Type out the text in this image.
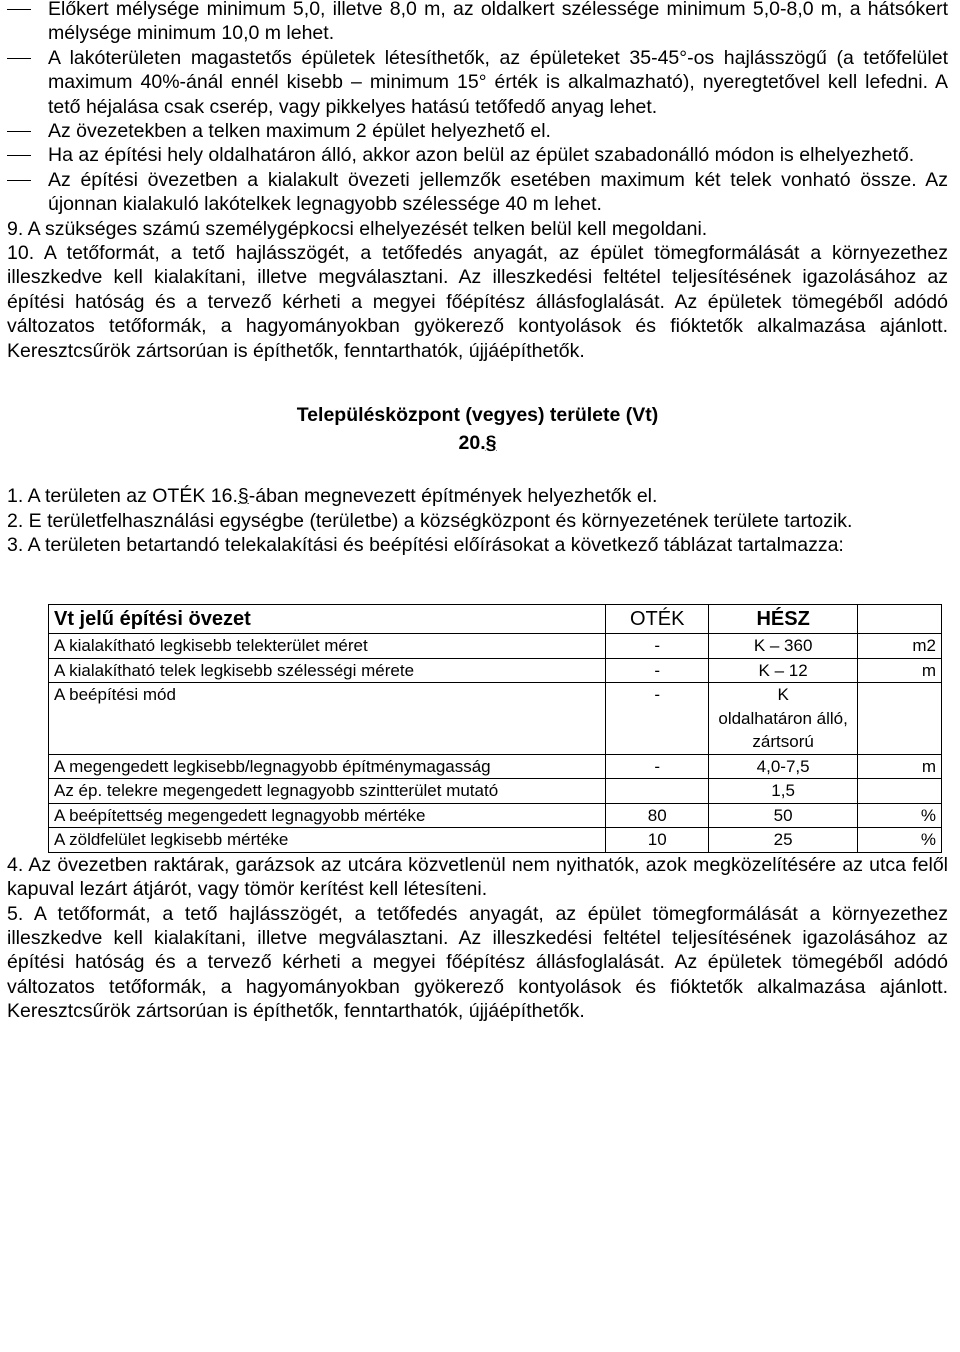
Előkert mélysége minimum 5,0, illetve 8,0 m, az oldalkert szélessége minimum 5,0-8,0 m, a hátsókert mélysége minimum 10,0 m lehet.
A lakóterületen magastetős épületek létesíthetők, az épületeket 35-45°-os hajlásszögű (a tetőfelület maximum 40%-ánál ennél kisebb – minimum 15° érték is alkalmazható), nyeregtetővel kell lefedni. A tető héjalása csak cserép, vagy pikkelyes hatású tetőfedő anyag lehet.
Az övezetekben a telken maximum 2 épület helyezhető el.
Ha az építési hely oldalhatáron álló, akkor azon belül az épület szabadonálló módon is elhelyezhető.
Az építési övezetben a kialakult övezeti jellemzők esetében maximum két telek vonható össze. Az újonnan kialakuló lakótelkek legnagyobb szélessége 40 m lehet.

9. A szükséges számú személygépkocsi elhelyezését telken belül kell megoldani.

10. A tetőformát, a tető hajlásszögét, a tetőfedés anyagát, az épület tömegformálását a környezethez illeszkedve kell kialakítani, illetve megválasztani. Az illeszkedési feltétel teljesítésének igazolásához az építési hatóság és a tervező kérheti a megyei főépítész állásfoglalását. Az épületek tömegéből adódó változatos tetőformák, a hagyományokban gyökerező kontyolások és fióktetők alkalmazása ajánlott. Keresztcsűrök zártsorúan is építhetők, fenntarthatók, újjáépíthetők.

Településközpont (vegyes) területe (Vt)
20.§

1. A területen az OTÉK 16.§-ában megnevezett építmények helyezhetők el.

2. E területfelhasználási egységbe (területbe) a községközpont és környezetének területe tartozik.

3. A területen betartandó telekalakítási és beépítési előírásokat a következő táblázat tartalmazza:

Vt jelű építési övezet	OTÉK	HÉSZ	
A kialakítható legkisebb telekterület méret	-	K – 360	m2
A kialakítható telek legkisebb szélességi mérete	-	K – 12	m
A beépítési mód	-	K
oldalhatáron álló,
zártsorú	

A megengedett legkisebb/legnagyobb építménymagasság	-	4,0-7,5	m
Az ép. telekre megengedett legnagyobb szintterület mutató		1,5	
A beépítettség megengedett legnagyobb mértéke	80	50	%
A zöldfelület legkisebb mértéke	10	25	%

4. Az övezetben raktárak, garázsok az utcára közvetlenül nem nyithatók, azok megközelítésére az utca felől kapuval lezárt átjárót, vagy tömör kerítést kell létesíteni.

5. A tetőformát, a tető hajlásszögét, a tetőfedés anyagát, az épület tömegformálását a környezethez illeszkedve kell kialakítani, illetve megválasztani. Az illeszkedési feltétel teljesítésének igazolásához az építési hatóság és a tervező kérheti a megyei főépítész állásfoglalását. Az épületek tömegéből adódó változatos tetőformák, a hagyományokban gyökerező kontyolások és fióktetők alkalmazása ajánlott. Keresztcsűrök zártsorúan is építhetők, fenntarthatók, újjáépíthetők.
